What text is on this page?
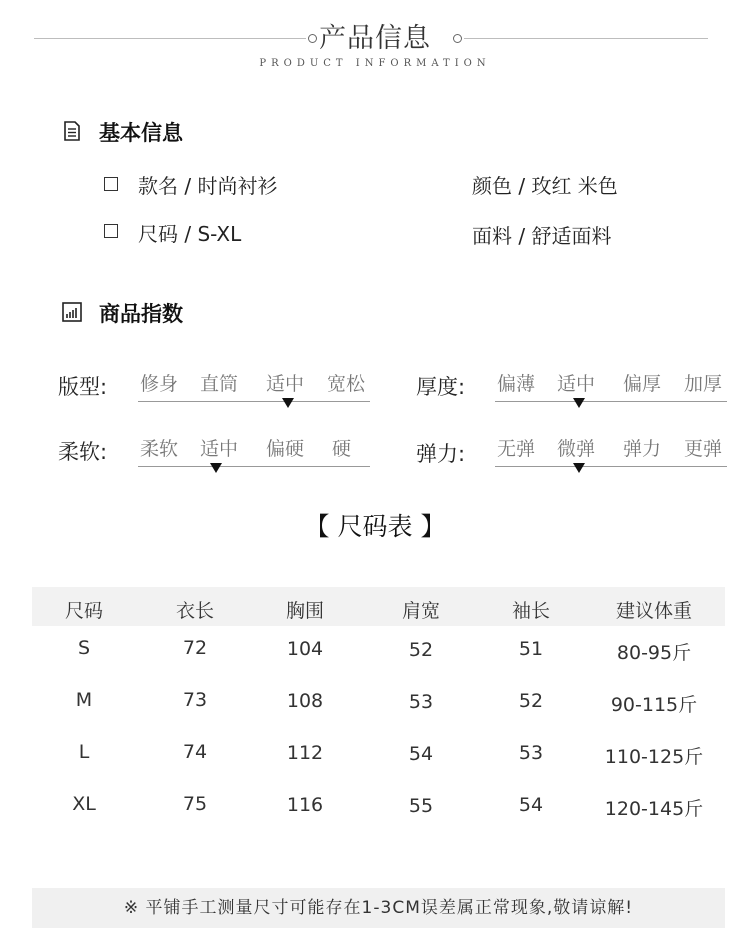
产品信息
PRODUCT INFORMATION
基本信息
款名 / 时尚衬衫	颜色 / 玫红 米色
尺码 / S-XL	面料 / 舒适面料
商品指数
版型: 修身 直筒 适中 宽松 厚度: 偏薄 适中 偏厚 加厚
柔软: 柔软 适中 偏硬 硬	弹力: 无弹 微弹 弹力 更弹
【 尺码表 】
尺码	衣长	胸围	肩宽	袖长	建议体重
S	72	104	52	51	80-95斤
M	73	108	53	52	90-115斤
L	74	112	54	53	110-125斤
XL	75	116	55	54	120-145斤
※ 平铺手工测量尺寸可能存在1-3CM误差属正常现象,敬请谅解!
